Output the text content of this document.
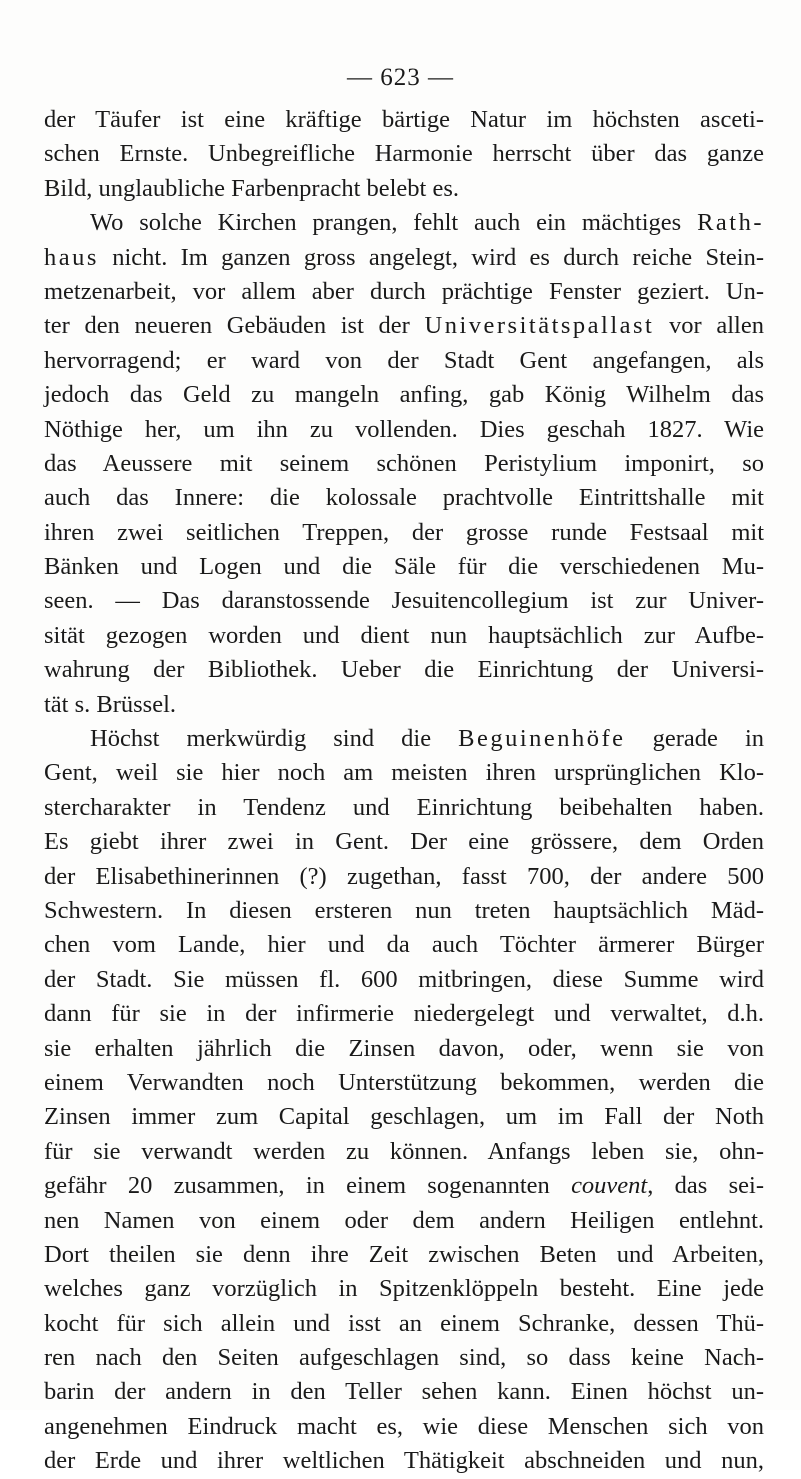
— 623 —
der Täufer ist eine kräftige bärtige Natur im höchsten asceti-
schen Ernste. Unbegreifliche Harmonie herrscht über das ganze
Bild, unglaubliche Farbenpracht belebt es.
Wo solche Kirchen prangen, fehlt auch ein mächtiges Rath-
haus nicht. Im ganzen gross angelegt, wird es durch reiche Stein-
metzenarbeit, vor allem aber durch prächtige Fenster geziert. Un-
ter den neueren Gebäuden ist der Universitätspallast vor allen
hervorragend; er ward von der Stadt Gent angefangen, als
jedoch das Geld zu mangeln anfing, gab König Wilhelm das
Nöthige her, um ihn zu vollenden. Dies geschah 1827. Wie
das Aeussere mit seinem schönen Peristylium imponirt, so
auch das Innere: die kolossale prachtvolle Eintrittshalle mit
ihren zwei seitlichen Treppen, der grosse runde Festsaal mit
Bänken und Logen und die Säle für die verschiedenen Mu-
seen. — Das daranstossende Jesuitencollegium ist zur Univer-
sität gezogen worden und dient nun hauptsächlich zur Aufbe-
wahrung der Bibliothek. Ueber die Einrichtung der Universi-
tät s. Brüssel.
Höchst merkwürdig sind die Beguinenhöfe gerade in
Gent, weil sie hier noch am meisten ihren ursprünglichen Klo-
stercharakter in Tendenz und Einrichtung beibehalten haben.
Es giebt ihrer zwei in Gent. Der eine grössere, dem Orden
der Elisabethinerinnen (?) zugethan, fasst 700, der andere 500
Schwestern. In diesen ersteren nun treten hauptsächlich Mäd-
chen vom Lande, hier und da auch Töchter ärmerer Bürger
der Stadt. Sie müssen fl. 600 mitbringen, diese Summe wird
dann für sie in der infirmerie niedergelegt und verwaltet, d.h.
sie erhalten jährlich die Zinsen davon, oder, wenn sie von
einem Verwandten noch Unterstützung bekommen, werden die
Zinsen immer zum Capital geschlagen, um im Fall der Noth
für sie verwandt werden zu können. Anfangs leben sie, ohn-
gefähr 20 zusammen, in einem sogenannten couvent, das sei-
nen Namen von einem oder dem andern Heiligen entlehnt.
Dort theilen sie denn ihre Zeit zwischen Beten und Arbeiten,
welches ganz vorzüglich in Spitzenklöppeln besteht. Eine jede
kocht für sich allein und isst an einem Schranke, dessen Thü-
ren nach den Seiten aufgeschlagen sind, so dass keine Nach-
barin der andern in den Teller sehen kann. Einen höchst un-
angenehmen Eindruck macht es, wie diese Menschen sich von
der Erde und ihrer weltlichen Thätigkeit abschneiden und nun,
